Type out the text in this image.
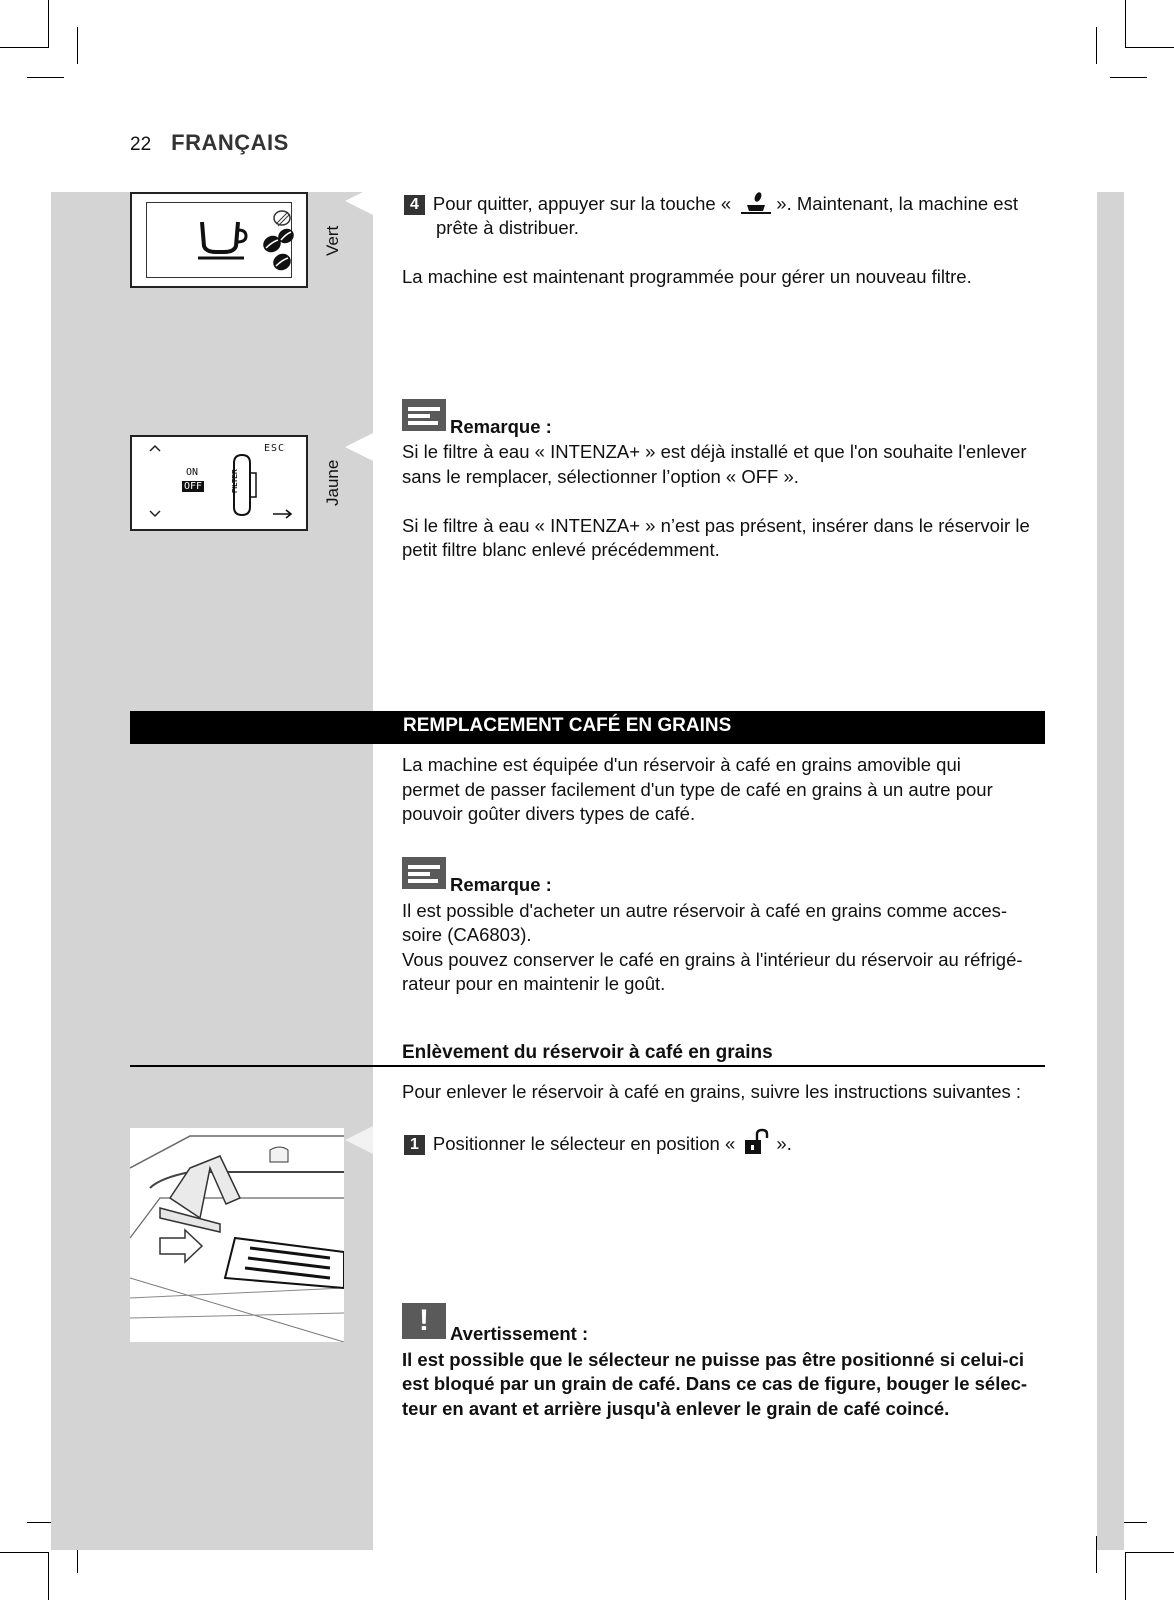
22 FRANÇAIS
Vert
ESC
ON
OFF	FILTER	Jaune
4 Pour quitter, appuyer sur la touche « ». Maintenant, la machine est
prête à distribuer.
La machine est maintenant programmée pour gérer un nouveau filtre.
Remarque :
Si le filtre à eau « INTENZA+ » est déjà installé et que l'on souhaite l'enlever
sans le remplacer, sélectionner l’option « OFF ».
Si le filtre à eau « INTENZA+ » n’est pas présent, insérer dans le réservoir le
petit filtre blanc enlevé précédemment.
REMPLACEMENT CAFÉ EN GRAINS
La machine est équipée d'un réservoir à café en grains amovible qui
permet de passer facilement d'un type de café en grains à un autre pour
pouvoir goûter divers types de café.
Remarque :
Il est possible d'acheter un autre réservoir à café en grains comme acces-
soire (CA6803).
Vous pouvez conserver le café en grains à l'intérieur du réservoir au réfrigé-
rateur pour en maintenir le goût.
Enlèvement du réservoir à café en grains
Pour enlever le réservoir à café en grains, suivre les instructions suivantes :
1 Positionner le sélecteur en position « ».
!	Avertissement :
Il est possible que le sélecteur ne puisse pas être positionné si celui-ci
est bloqué par un grain de café. Dans ce cas de figure, bouger le sélec-
teur en avant et arrière jusqu'à enlever le grain de café coincé.
